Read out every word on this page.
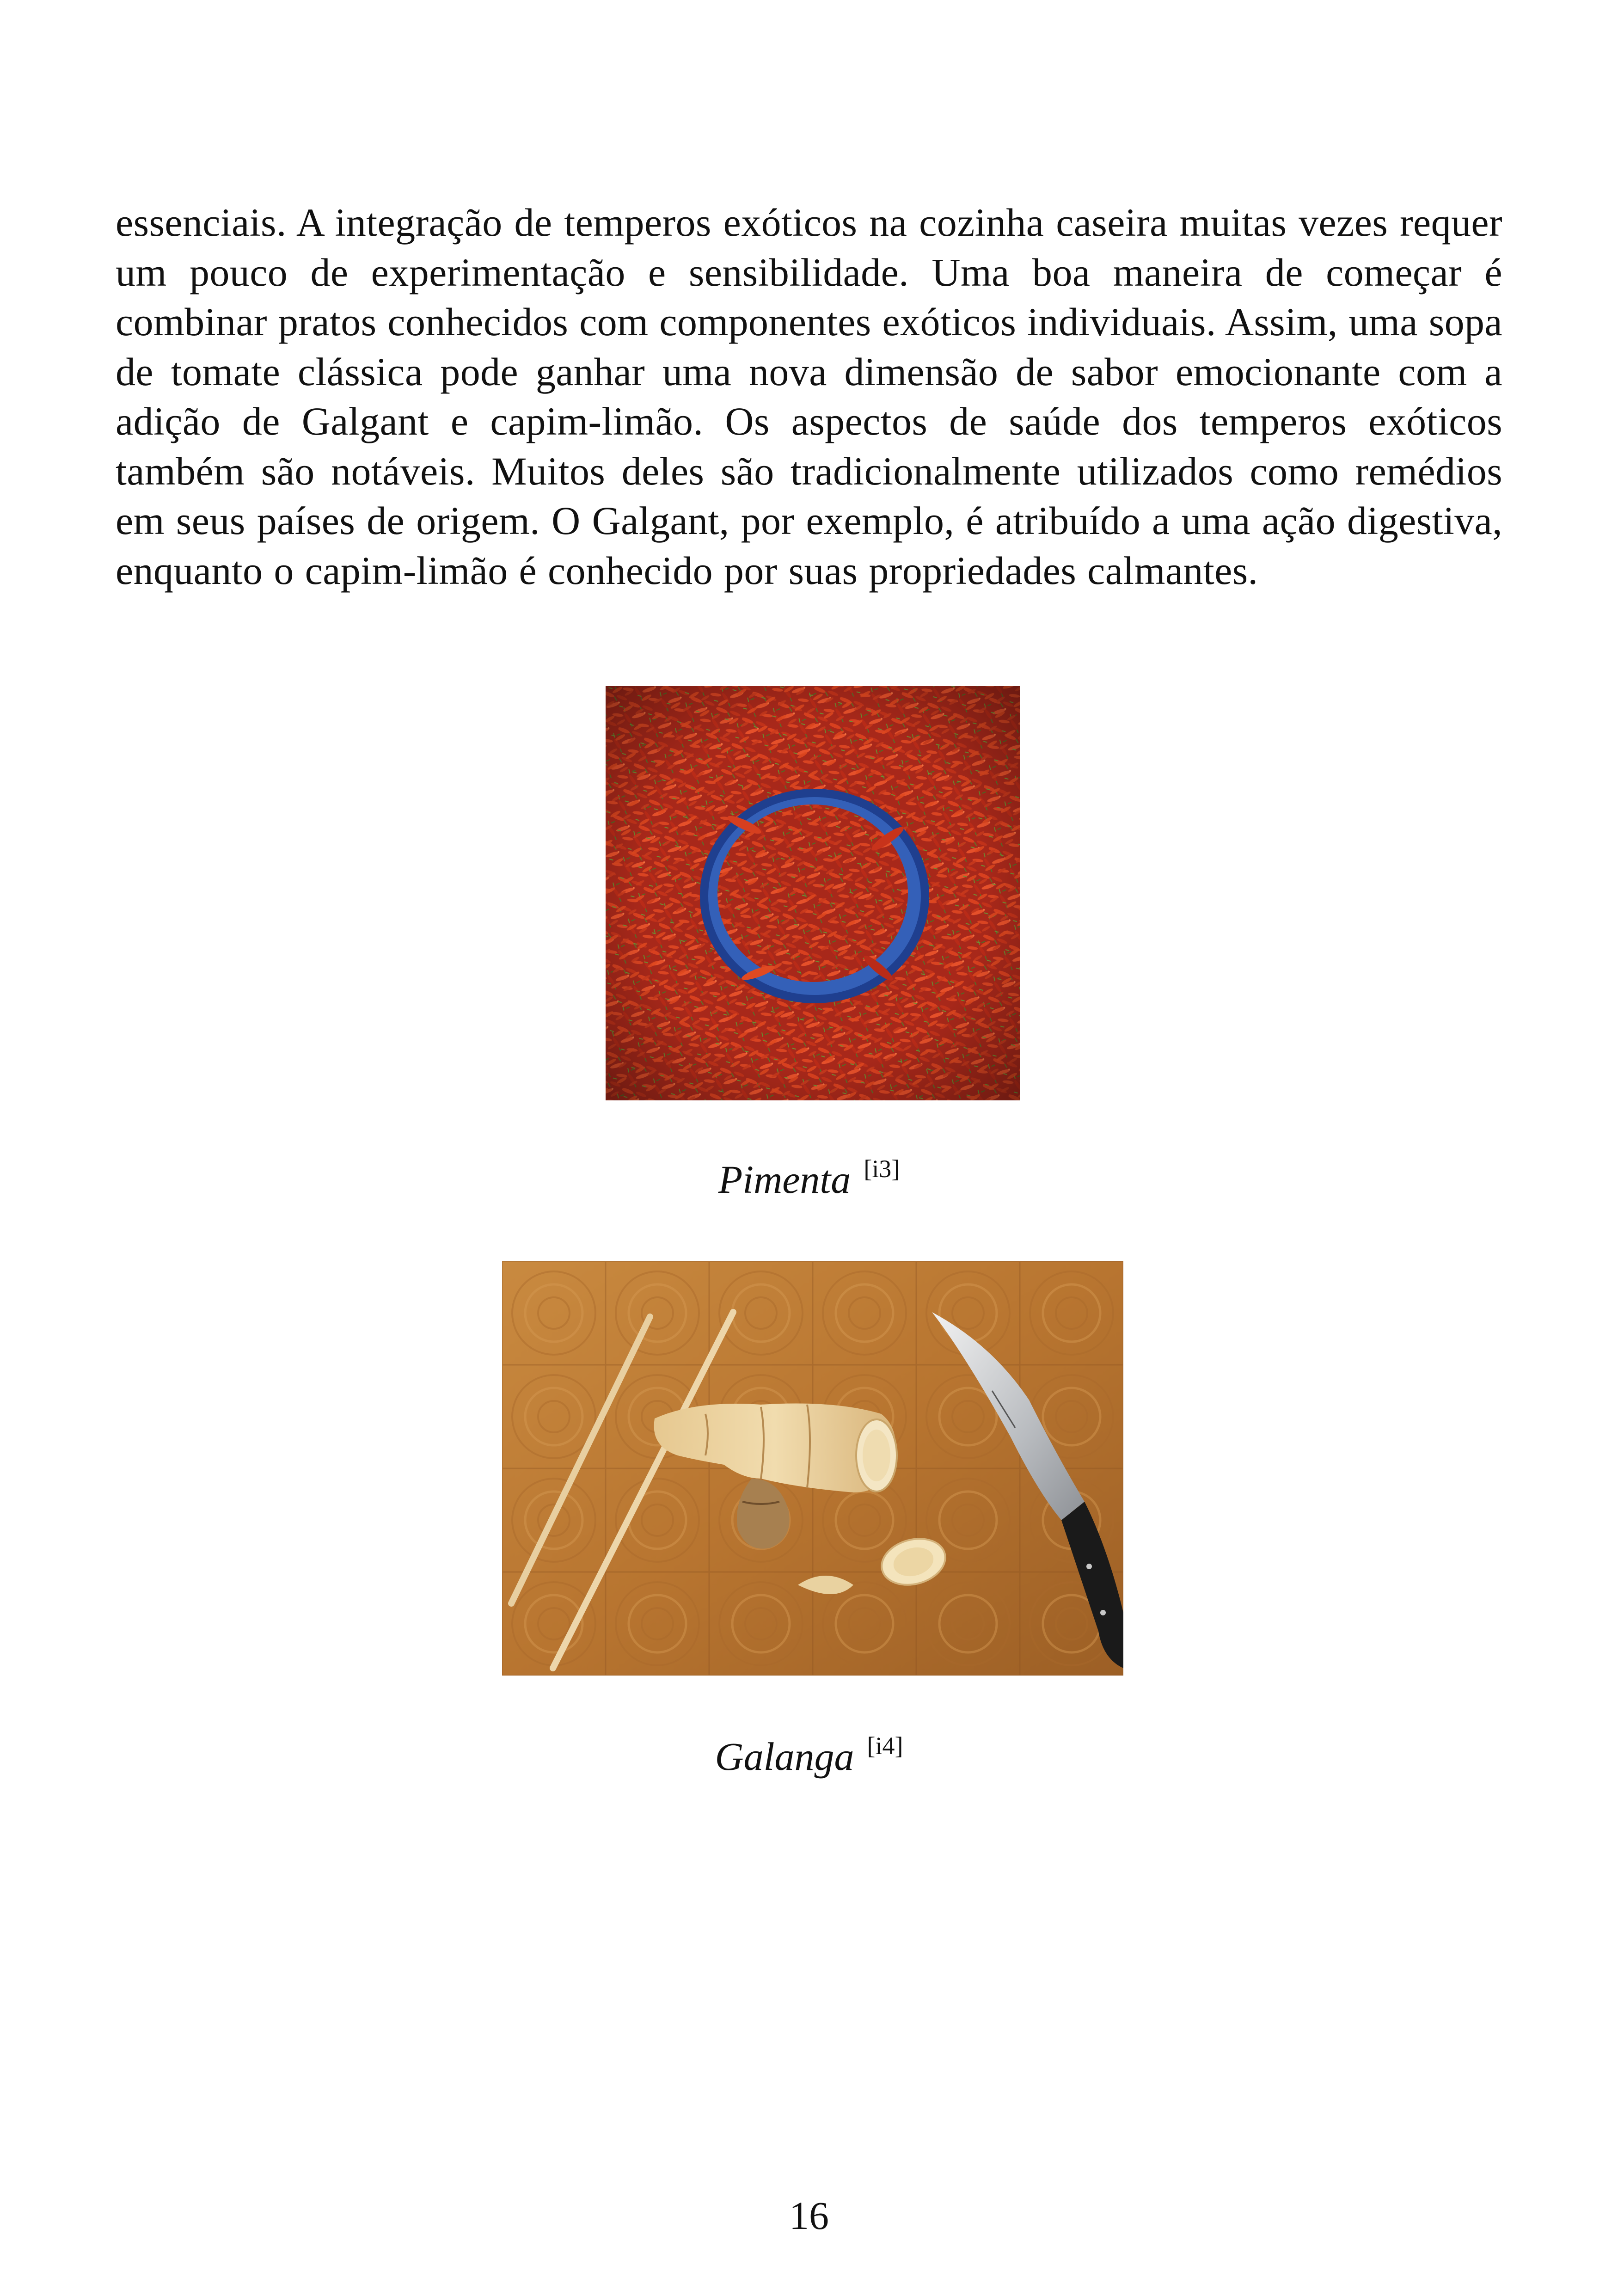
essenciais. A integração de temperos exóticos na cozinha caseira muitas vezes requer um pouco de experimentação e sensibilidade. Uma boa maneira de começar é combinar pratos conhecidos com componentes exóticos individuais. Assim, uma sopa de tomate clássica pode ganhar uma nova dimensão de sabor emocionante com a adição de Galgant e capim-limão. Os aspectos de saúde dos temperos exóticos também são notáveis. Muitos deles são tradicionalmente utilizados como remédios em seus países de origem. O Galgant, por exemplo, é atribuído a uma ação digestiva, enquanto o capim-limão é conhecido por suas propriedades calmantes.

Pimenta [i3]
Galanga [i4]
16
